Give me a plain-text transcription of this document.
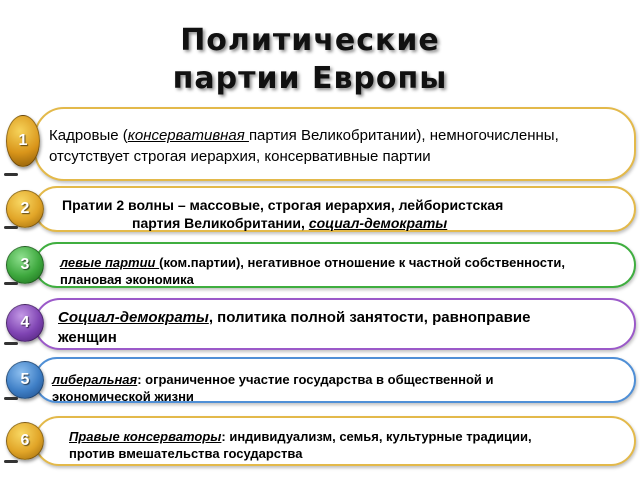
Политические
партии Европы
1 Кадровые (консервативная партия Великобритании), немногочисленны,
отсутствует строгая иерархия, консервативные партии
2 Пратии 2 волны – массовые, строгая иерархия, лейбористская
партия Великобритании, социал-демократы
3 левые партии (ком.партии), негативное отношение к частной собственности,
плановая экономика
4 Социал-демократы, политика полной занятости, равноправие
женщин
5 либеральная: ограниченное участие государства в общественной и
экономической жизни
6	Правые консерваторы: индивидуализм, семья, культурные традиции,
против вмешательства государства
